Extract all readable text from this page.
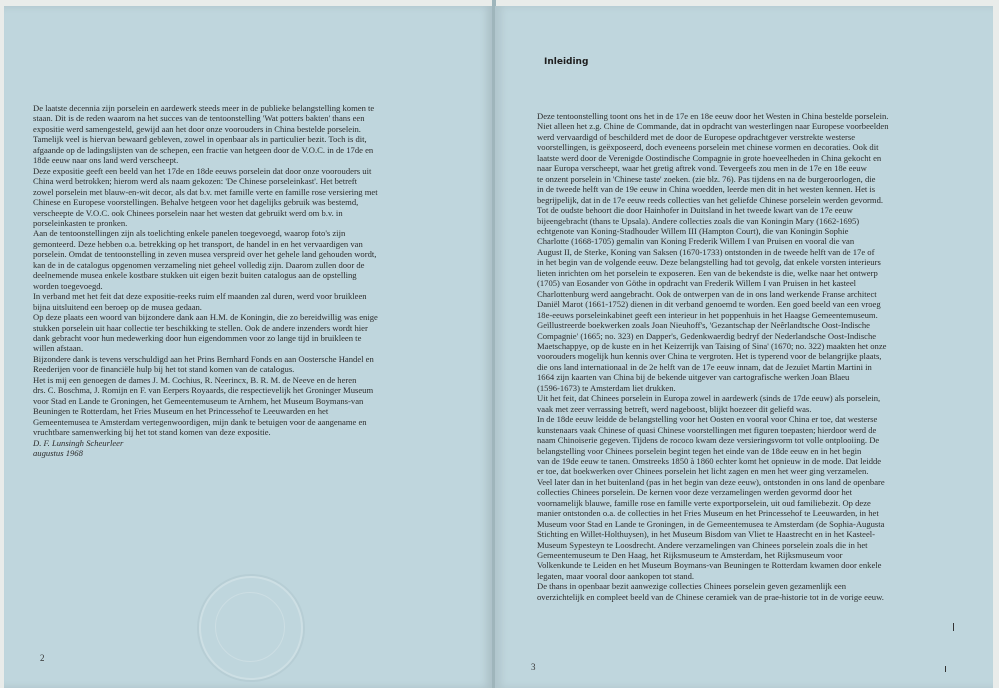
De laatste decennia zijn porselein en aardewerk steeds meer in de publieke belangstelling komen te

staan. Dit is de reden waarom na het succes van de tentoonstelling 'Wat potters bakten' thans een

expositie werd samengesteld, gewijd aan het door onze voorouders in China bestelde porselein.

Tamelijk veel is hiervan bewaard gebleven, zowel in openbaar als in particulier bezit. Toch is dit,

afgaande op de ladingslijsten van de schepen, een fractie van hetgeen door de V.O.C. in de 17de en

18de eeuw naar ons land werd verscheept.

Deze expositie geeft een beeld van het 17de en 18de eeuws porselein dat door onze voorouders uit

China werd betrokken; hierom werd als naam gekozen: 'De Chinese porseleinkast'. Het betreft

zowel porselein met blauw-en-wit decor, als dat b.v. met famille verte en famille rose versiering met

Chinese en Europese voorstellingen. Behalve hetgeen voor het dagelijks gebruik was bestemd,

verscheepte de V.O.C. ook Chinees porselein naar het westen dat gebruikt werd om b.v. in

porseleinkasten te pronken.

Aan de tentoonstellingen zijn als toelichting enkele panelen toegevoegd, waarop foto's zijn

gemonteerd. Deze hebben o.a. betrekking op het transport, de handel in en het vervaardigen van

porselein. Omdat de tentoonstelling in zeven musea verspreid over het gehele land gehouden wordt,

kan de in de catalogus opgenomen verzameling niet geheel volledig zijn. Daarom zullen door de

deelnemende musea enkele kostbare stukken uit eigen bezit buiten catalogus aan de opstelling

worden toegevoegd.

In verband met het feit dat deze expositie-reeks ruim elf maanden zal duren, werd voor bruikleen

bijna uitsluitend een beroep op de musea gedaan.

Op deze plaats een woord van bijzondere dank aan H.M. de Koningin, die zo bereidwillig was enige

stukken porselein uit haar collectie ter beschikking te stellen. Ook de andere inzenders wordt hier

dank gebracht voor hun medewerking door hun eigendommen voor zo lange tijd in bruikleen te

willen afstaan.

Bijzondere dank is tevens verschuldigd aan het Prins Bernhard Fonds en aan Oostersche Handel en

Reederijen voor de financiële hulp bij het tot stand komen van de catalogus.

Het is mij een genoegen de dames J. M. Cochius, R. Neerincx, B. R. M. de Neeve en de heren

drs. C. Boschma, J. Romijn en F. van Eerpers Royaards, die respectievelijk het Groninger Museum

voor Stad en Lande te Groningen, het Gemeentemuseum te Arnhem, het Museum Boymans-van

Beuningen te Rotterdam, het Fries Museum en het Princessehof te Leeuwarden en het

Gemeentemusea te Amsterdam vertegenwoordigen, mijn dank te betuigen voor de aangename en

vruchtbare samenwerking bij het tot stand komen van deze expositie.

D. F. Lunsingh Scheurleer

augustus 1968

2
Inleiding

Deze tentoonstelling toont ons het in de 17e en 18e eeuw door het Westen in China bestelde porselein.

Niet alleen het z.g. Chine de Commande, dat in opdracht van westerlingen naar Europese voorbeelden

werd vervaardigd of beschilderd met de door de Europese opdrachtgever verstrekte westerse

voorstellingen, is geëxposeerd, doch eveneens porselein met chinese vormen en decoraties. Ook dit

laatste werd door de Verenigde Oostindische Compagnie in grote hoeveelheden in China gekocht en

naar Europa verscheept, waar het gretig aftrek vond. Tevergeefs zou men in de 17e en 18e eeuw

te onzent porselein in 'Chinese taste' zoeken. (zie blz. 76). Pas tijdens en na de burgeroorlogen, die

in de tweede helft van de 19e eeuw in China woedden, leerde men dit in het westen kennen. Het is

begrijpelijk, dat in de 17e eeuw reeds collecties van het geliefde Chinese porselein werden gevormd.

Tot de oudste behoort die door Hainhofer in Duitsland in het tweede kwart van de 17e eeuw

bijeengebracht (thans te Upsala). Andere collecties zoals die van Koningin Mary (1662-1695)

echtgenote van Koning-Stadhouder Willem III (Hampton Court), die van Koningin Sophie

Charlotte (1668-1705) gemalin van Koning Frederik Willem I van Pruisen en vooral die van

August II, de Sterke, Koning van Saksen (1670-1733) ontstonden in de tweede helft van de 17e of

in het begin van de volgende eeuw. Deze belangstelling had tot gevolg, dat enkele vorsten interieurs

lieten inrichten om het porselein te exposeren. Een van de bekendste is die, welke naar het ontwerp

(1705) van Eosander von Göthe in opdracht van Frederik Willem I van Pruisen in het kasteel

Charlottenburg werd aangebracht. Ook de ontwerpen van de in ons land werkende Franse architect

Daniël Marot (1661-1752) dienen in dit verband genoemd te worden. Een goed beeld van een vroeg

18e-eeuws porseleinkabinet geeft een interieur in het poppenhuis in het Haagse Gemeentemuseum.

Geïllustreerde boekwerken zoals Joan Nieuhoff's, 'Gezantschap der Neêrlandtsche Oost-Indische

Compagnie' (1665; no. 323) en Dapper's, Gedenkwaerdig bedryf der Nederlandsche Oost-Indische

Maetschappye, op de kuste en in het Keizerrijk van Taising of Sina' (1670; no. 322) maakten het onze

voorouders mogelijk hun kennis over China te vergroten. Het is typerend voor de belangrijke plaats,

die ons land internationaal in de 2e helft van de 17e eeuw innam, dat de Jezuïet Martin Martini in

1664 zijn kaarten van China bij de bekende uitgever van cartografische werken Joan Blaeu

(1596-1673) te Amsterdam liet drukken.

Uit het feit, dat Chinees porselein in Europa zowel in aardewerk (sinds de 17de eeuw) als porselein,

vaak met zeer verrassing betreft, werd nageboost, blijkt hoezeer dit geliefd was.

In de 18de eeuw leidde de belangstelling voor het Oosten en vooral voor China er toe, dat westerse

kunstenaars vaak Chinese of quasi Chinese voorstellingen met figuren toepasten; hierdoor werd de

naam Chinoiserie gegeven. Tijdens de rococo kwam deze versieringsvorm tot volle ontplooiing. De

belangstelling voor Chinees porselein begint tegen het einde van de 18de eeuw en in het begin

van de 19de eeuw te tanen. Omstreeks 1850 à 1860 echter komt het opnieuw in de mode. Dat leidde

er toe, dat boekwerken over Chinees porselein het licht zagen en men het weer ging verzamelen.

Veel later dan in het buitenland (pas in het begin van deze eeuw), ontstonden in ons land de openbare

collecties Chinees porselein. De kernen voor deze verzamelingen werden gevormd door het

voornamelijk blauwe, famille rose en famille verte exportporselein, uit oud familiebezit. Op deze

manier ontstonden o.a. de collecties in het Fries Museum en het Princessehof te Leeuwarden, in het

Museum voor Stad en Lande te Groningen, in de Gemeentemusea te Amsterdam (de Sophia-Augusta

Stichting en Willet-Holthuysen), in het Museum Bisdom van Vliet te Haastrecht en in het Kasteel-

Museum Sypesteyn te Loosdrecht. Andere verzamelingen van Chinees porselein zoals die in het

Gemeentemuseum te Den Haag, het Rijksmuseum te Amsterdam, het Rijksmuseum voor

Volkenkunde te Leiden en het Museum Boymans-van Beuningen te Rotterdam kwamen door enkele

legaten, maar vooral door aankopen tot stand.

De thans in openbaar bezit aanwezige collecties Chinees porselein geven gezamenlijk een

overzichtelijk en compleet beeld van de Chinese ceramiek van de prae-historie tot in de vorige eeuw.

3
